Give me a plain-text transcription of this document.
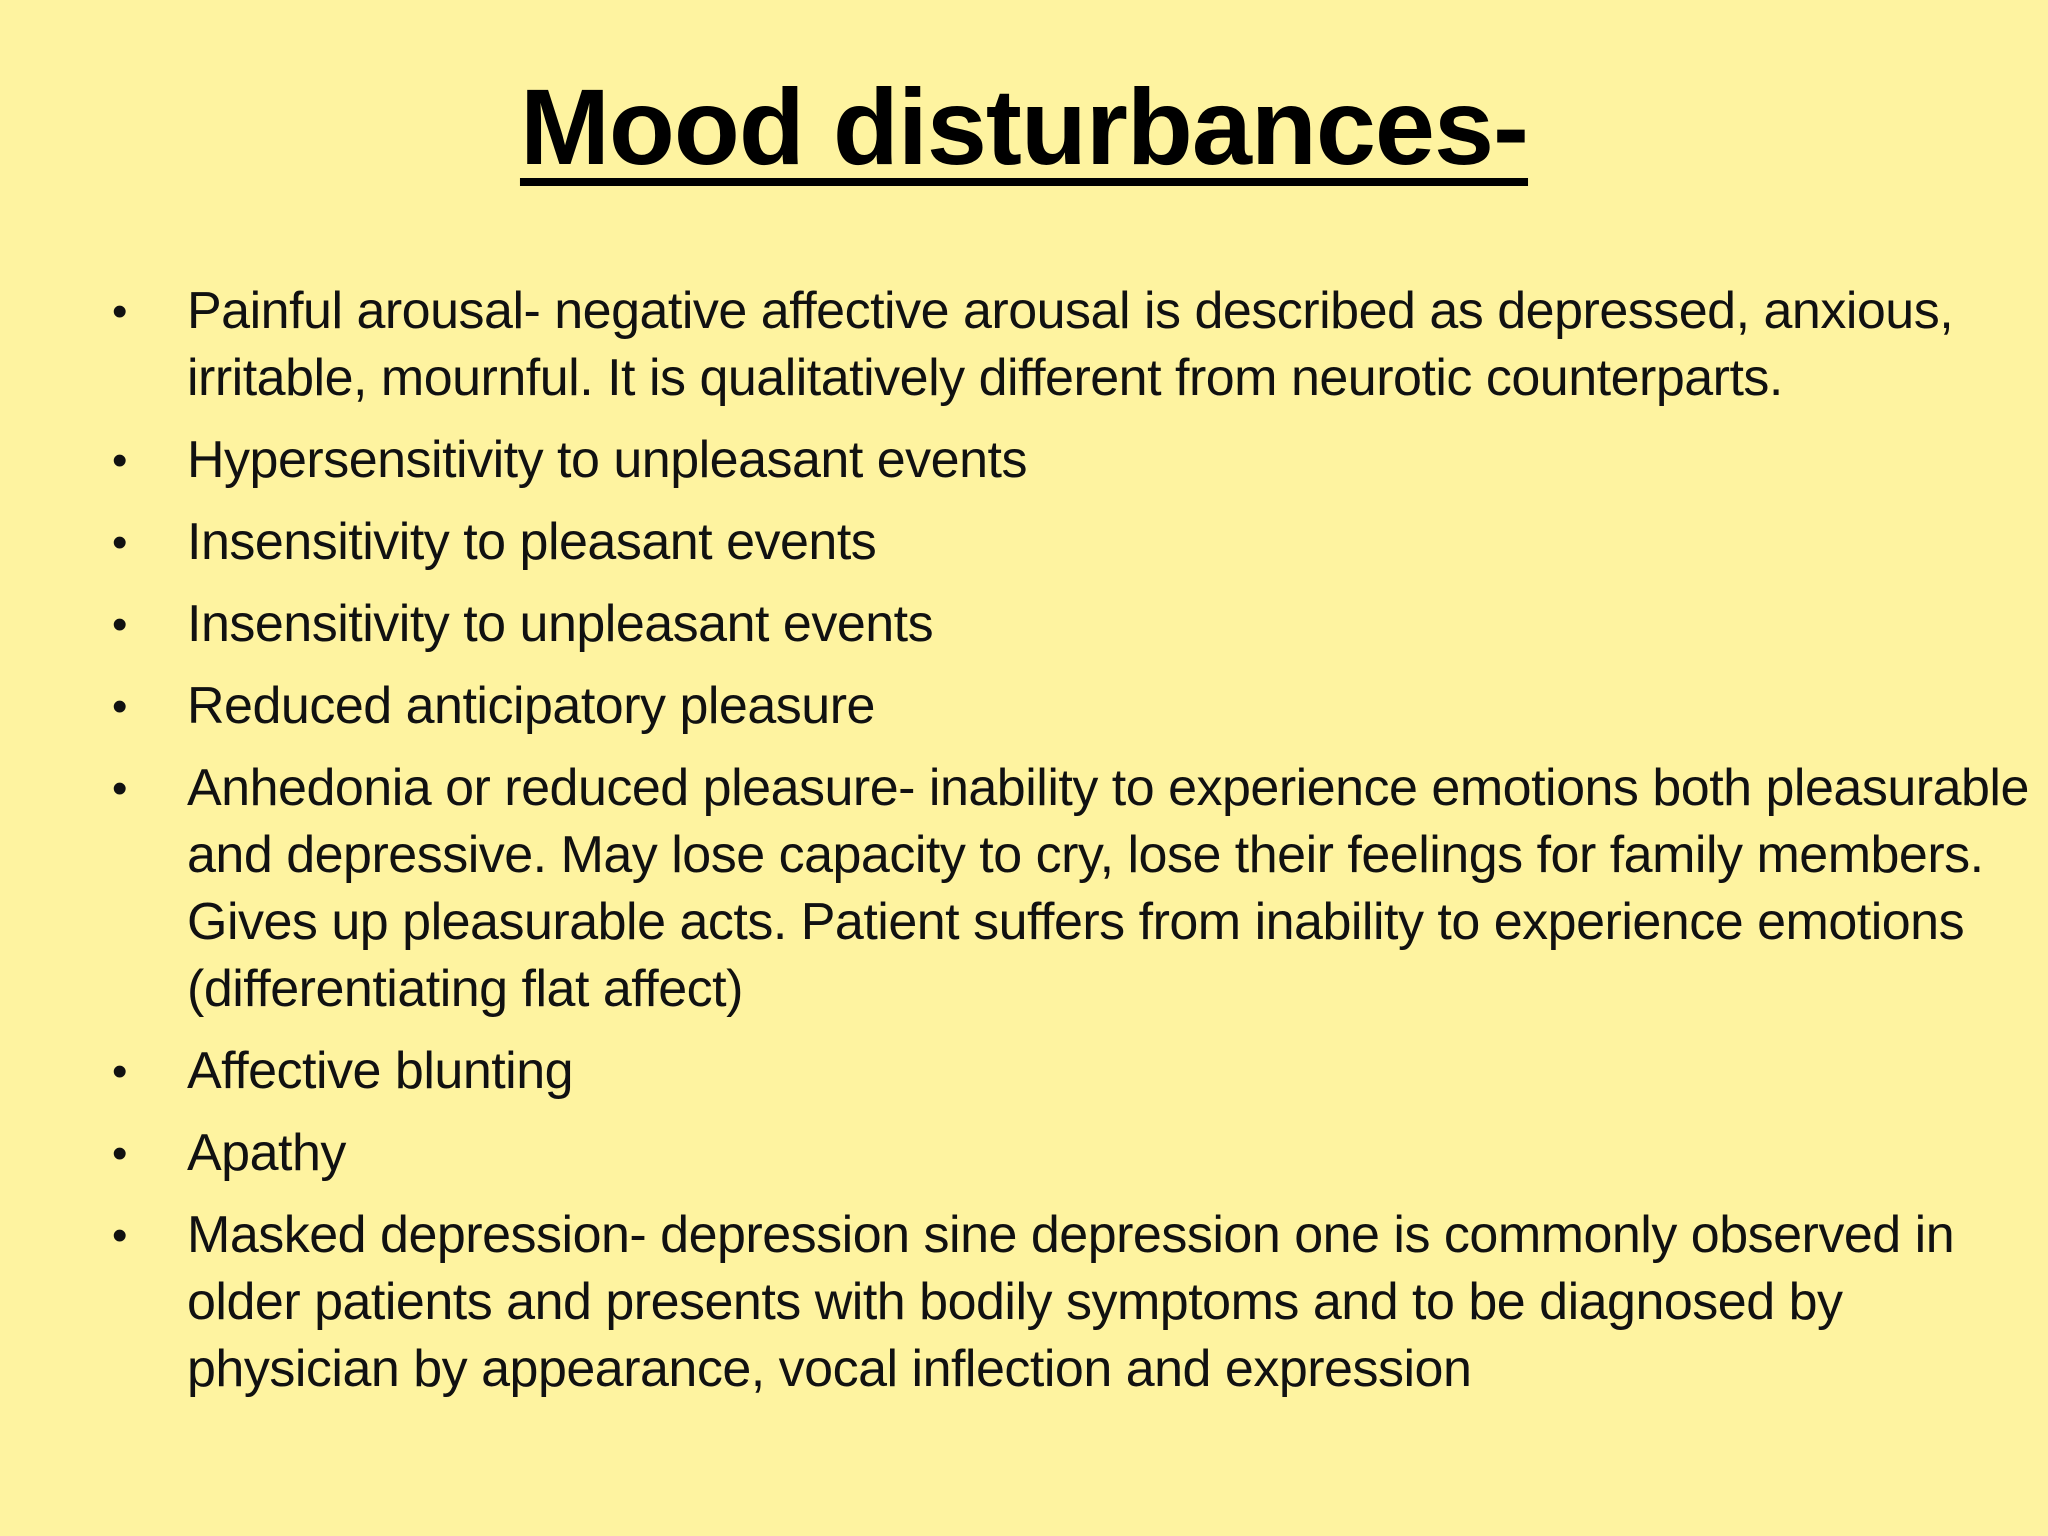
Mood disturbances-
• Painful arousal- negative affective arousal is described as depressed, anxious, irritable, mournful. It is qualitatively different from neurotic counterparts.
• Hypersensitivity to unpleasant events
• Insensitivity to pleasant events
• Insensitivity to unpleasant events
• Reduced anticipatory pleasure
• Anhedonia or reduced pleasure- inability to experience emotions both pleasurable and depressive. May lose capacity to cry, lose their feelings for family members. Gives up pleasurable acts. Patient suffers from inability to experience emotions (differentiating flat affect)
• Affective blunting
• Apathy
• Masked depression- depression sine depression one is commonly observed in older patients and presents with bodily symptoms and to be diagnosed by physician by appearance, vocal inflection and expression
